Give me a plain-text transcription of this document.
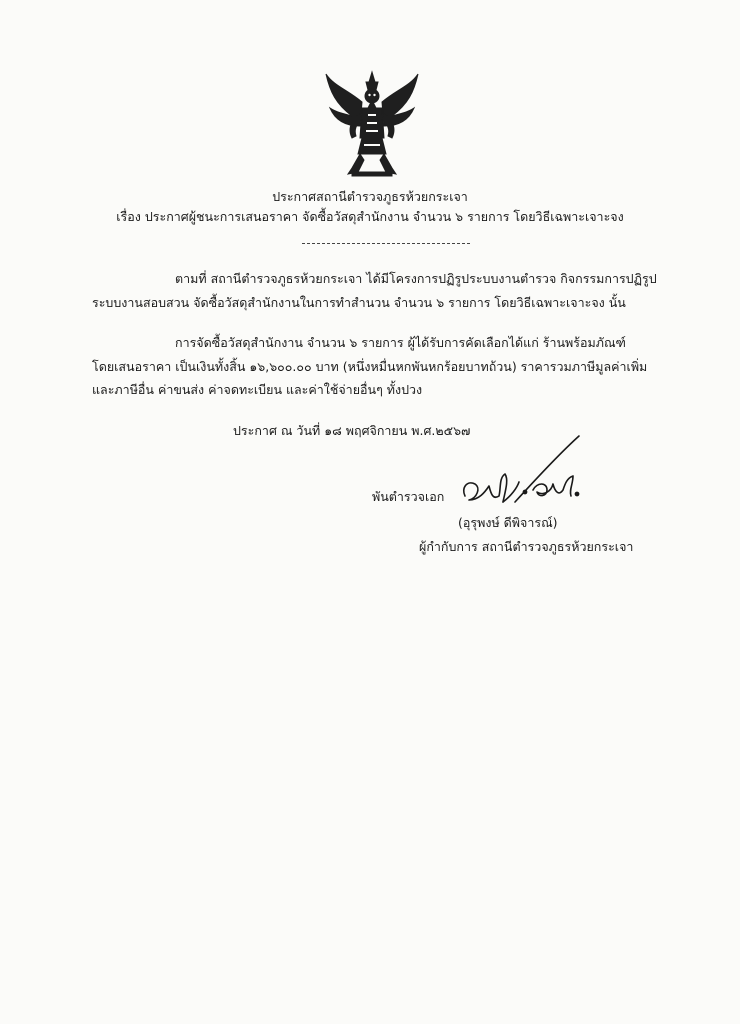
ประกาศสถานีตำรวจภูธรห้วยกระเจา
เรื่อง ประกาศผู้ชนะการเสนอราคา จัดซื้อวัสดุสำนักงาน จำนวน ๖ รายการ โดยวิธีเฉพาะเจาะจง
ตามที่ สถานีตำรวจภูธรห้วยกระเจา ได้มีโครงการปฏิรูประบบงานตำรวจ กิจกรรมการปฏิรูป
ระบบงานสอบสวน จัดซื้อวัสดุสำนักงานในการทำสำนวน จำนวน ๖ รายการ โดยวิธีเฉพาะเจาะจง นั้น
การจัดซื้อวัสดุสำนักงาน จำนวน ๖ รายการ ผู้ได้รับการคัดเลือกได้แก่ ร้านพร้อมภัณฑ์
โดยเสนอราคา เป็นเงินทั้งสิ้น ๑๖,๖๐๐.๐๐ บาท (หนึ่งหมื่นหกพันหกร้อยบาทถ้วน) ราคารวมภาษีมูลค่าเพิ่ม
และภาษีอื่น ค่าขนส่ง ค่าจดทะเบียน และค่าใช้จ่ายอื่นๆ ทั้งปวง
ประกาศ ณ วันที่ ๑๘ พฤศจิกายน พ.ศ.๒๕๖๗
พันตำรวจเอก
(อุรุพงษ์ ดีพิจารณ์)
ผู้กำกับการ สถานีตำรวจภูธรห้วยกระเจา
